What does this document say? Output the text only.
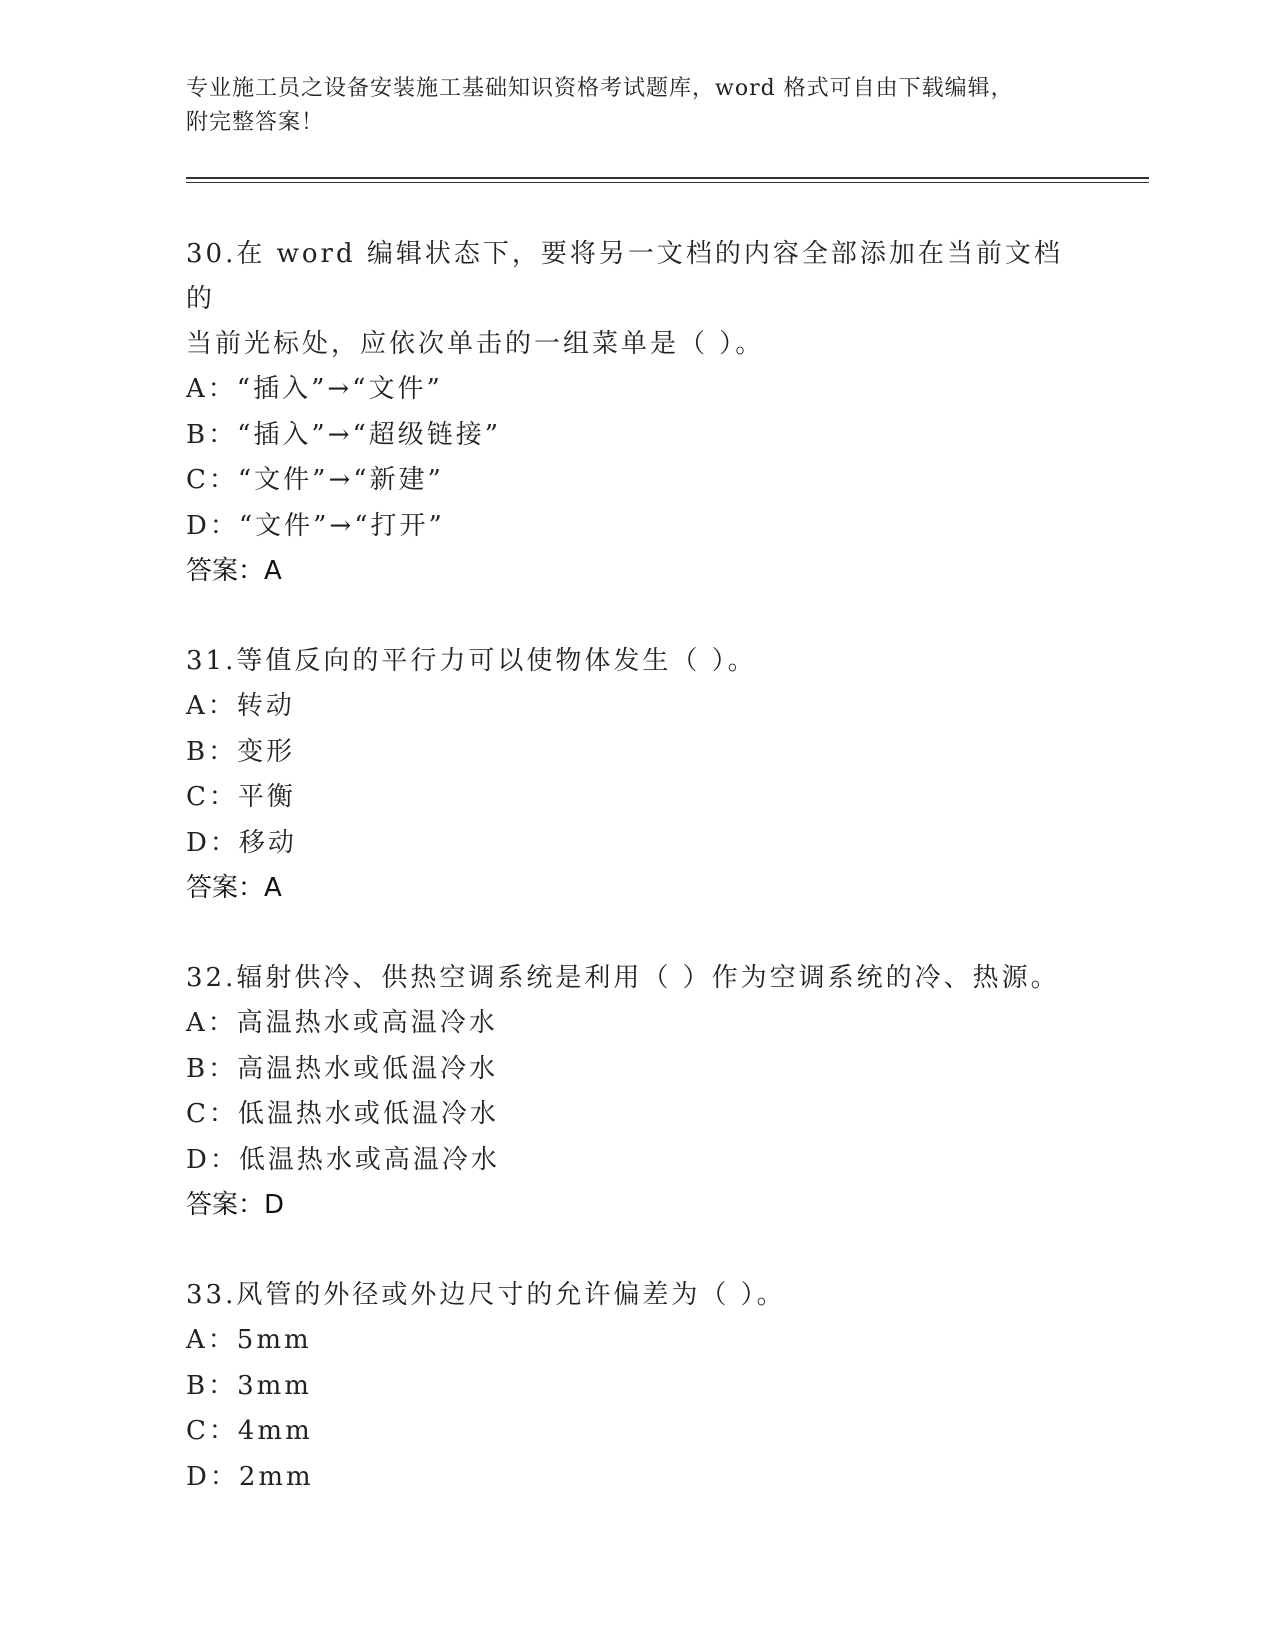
专业施工员之设备安装施工基础知识资格考试题库，word 格式可自由下载编辑，
附完整答案！

30.在 word 编辑状态下，要将另一文档的内容全部添加在当前文档的
当前光标处，应依次单击的一组菜单是（ ）。

A：“插入”→“文件”
B：“插入”→“超级链接”
C：“文件”→“新建”
D：“文件”→“打开”
答案：A

31.等值反向的平行力可以使物体发生（ ）。

A：转动
B：变形
C：平衡
D：移动
答案：A

32.辐射供冷、供热空调系统是利用（ ）作为空调系统的冷、热源。

A：高温热水或高温冷水
B：高温热水或低温冷水
C：低温热水或低温冷水
D：低温热水或高温冷水
答案：D

33.风管的外径或外边尺寸的允许偏差为（ ）。

A：5mm
B：3mm
C：4mm
D：2mm
